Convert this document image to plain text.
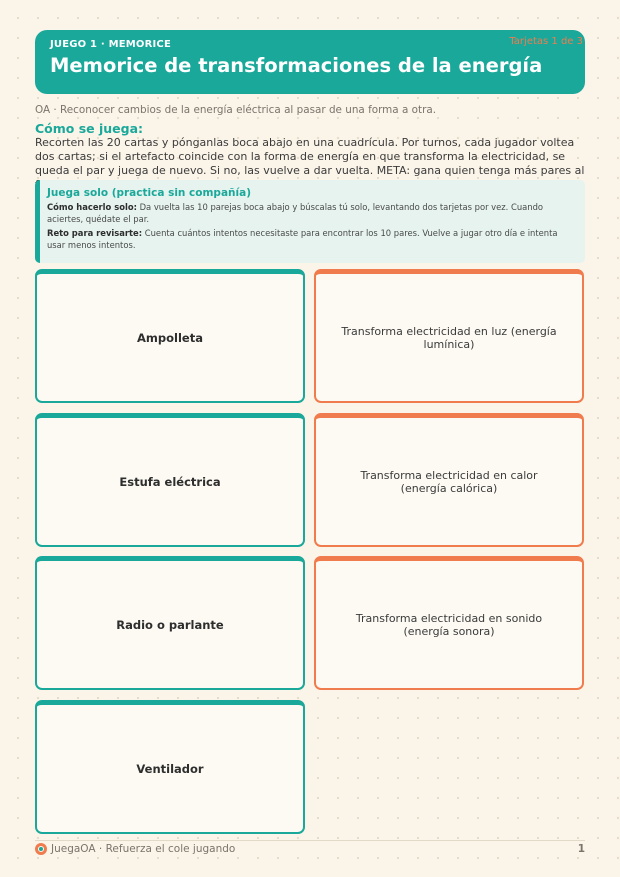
JUEGO 1 · MEMORICE
Memorice de transformaciones de la energía
Tarjetas 1 de 3
OA · Reconocer cambios de la energía eléctrica al pasar de una forma a otra.
Cómo se juega:
Recorten las 20 cartas y pónganlas boca abajo en una cuadrícula. Por turnos, cada jugador voltea dos cartas; si el artefacto coincide con la forma de energía en que transforma la electricidad, se queda el par y juega de nuevo. Si no, las vuelve a dar vuelta. META: gana quien tenga más pares al
Juega solo (practica sin compañía)

Cómo hacerlo solo: Da vuelta las 10 parejas boca abajo y búscalas tú solo, levantando dos tarjetas por vez. Cuando aciertes, quédate el par.

Reto para revisarte: Cuenta cuántos intentos necesitaste para encontrar los 10 pares. Vuelve a jugar otro día e intenta usar menos intentos.

Ampolleta	Transforma electricidad en luz (energía lumínica)
Estufa eléctrica	Transforma electricidad en calor (energía calórica)
Radio o parlante	Transforma electricidad en sonido (energía sonora)
Ventilador
JuegaOA · Refuerza el cole jugando	1
